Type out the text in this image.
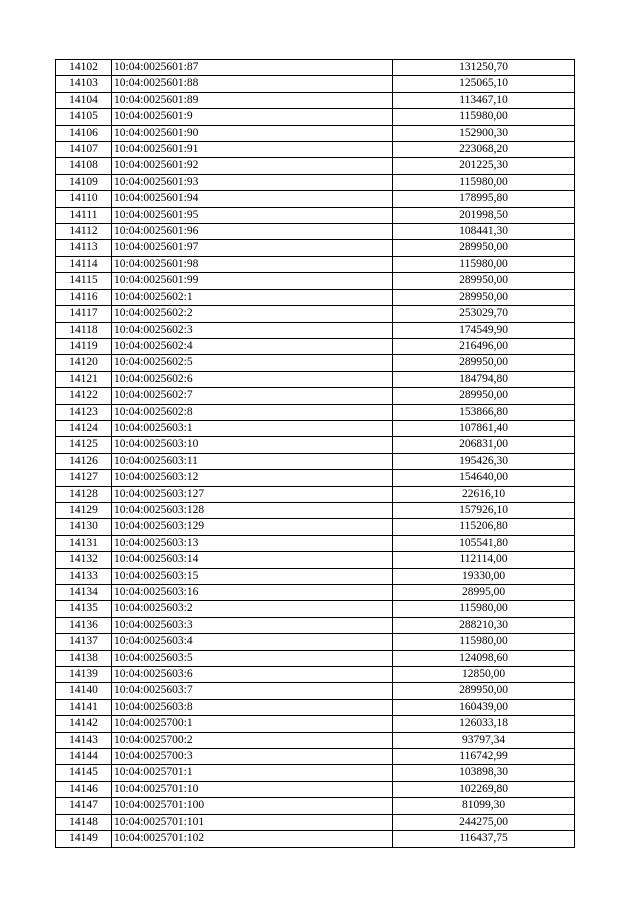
14102	10:04:0025601:87	131250,70
14103	10:04:0025601:88	125065,10
14104	10:04:0025601:89	113467,10
14105	10:04:0025601:9	115980,00
14106	10:04:0025601:90	152900,30
14107	10:04:0025601:91	223068,20
14108	10:04:0025601:92	201225,30
14109	10:04:0025601:93	115980,00
14110	10:04:0025601:94	178995,80
14111	10:04:0025601:95	201998,50
14112	10:04:0025601:96	108441,30
14113	10:04:0025601:97	289950,00
14114	10:04:0025601:98	115980,00
14115	10:04:0025601:99	289950,00
14116	10:04:0025602:1	289950,00
14117	10:04:0025602:2	253029,70
14118	10:04:0025602:3	174549,90
14119	10:04:0025602:4	216496,00
14120	10:04:0025602:5	289950,00
14121	10:04:0025602:6	184794,80
14122	10:04:0025602:7	289950,00
14123	10:04:0025602:8	153866,80
14124	10:04:0025603:1	107861,40
14125	10:04:0025603:10	206831,00
14126	10:04:0025603:11	195426,30
14127	10:04:0025603:12	154640,00
14128	10:04:0025603:127	22616,10
14129	10:04:0025603:128	157926,10
14130	10:04:0025603:129	115206,80
14131	10:04:0025603:13	105541,80
14132	10:04:0025603:14	112114,00
14133	10:04:0025603:15	19330,00
14134	10:04:0025603:16	28995,00
14135	10:04:0025603:2	115980,00
14136	10:04:0025603:3	288210,30
14137	10:04:0025603:4	115980,00
14138	10:04:0025603:5	124098,60
14139	10:04:0025603:6	12850,00
14140	10:04:0025603:7	289950,00
14141	10:04:0025603:8	160439,00
14142	10:04:0025700:1	126033,18
14143	10:04:0025700:2	93797,34
14144	10:04:0025700:3	116742,99
14145	10:04:0025701:1	103898,30
14146	10:04:0025701:10	102269,80
14147	10:04:0025701:100	81099,30
14148	10:04:0025701:101	244275,00
14149	10:04:0025701:102	116437,75
